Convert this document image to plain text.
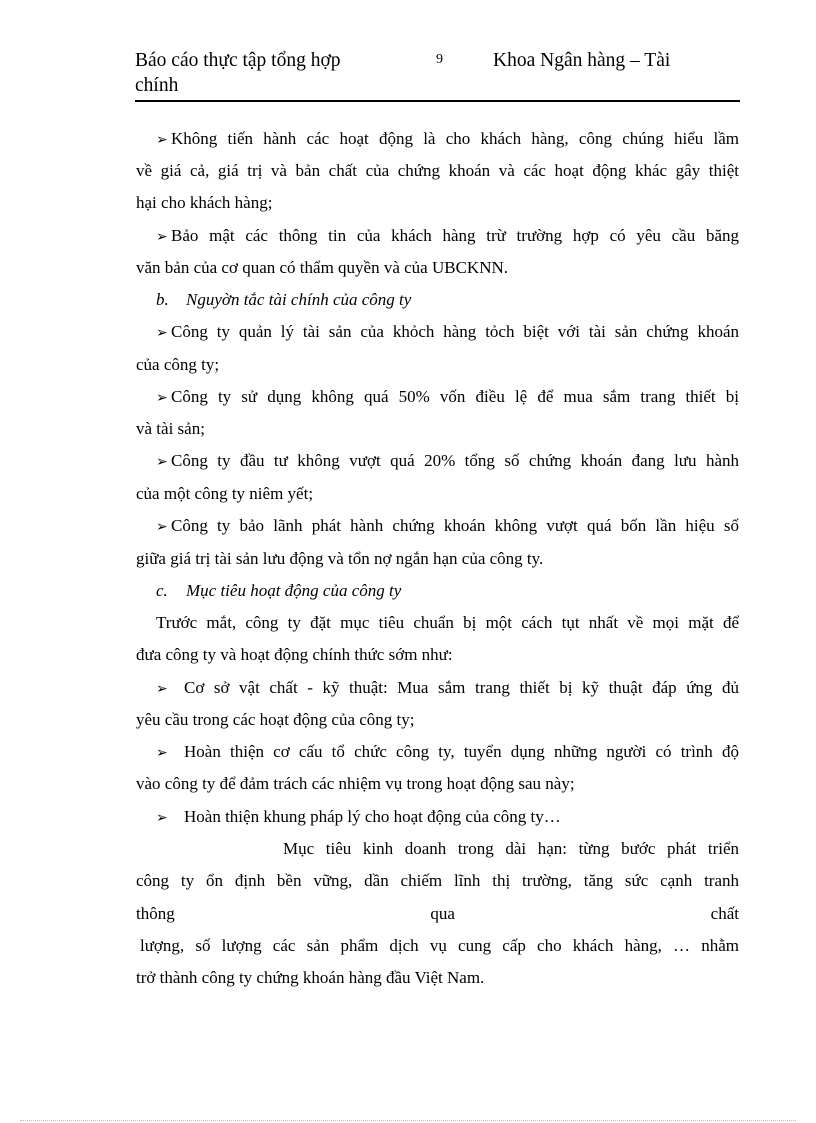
Báo cáo thực tập tổng hợp
chính
9	Khoa Ngân hàng – Tài
➢ Không tiến hành các hoạt động là cho khách hàng, công chúng hiểu lầm
về giá cả, giá trị và bản chất của chứng khoán và các hoạt động khác gây thiệt
hại cho khách hàng;
➢ Bảo mật các thông tin của khách hàng trừ trường hợp có yêu cầu băng
văn bản của cơ quan có thẩm quyền và của UBCKNN.
b. Nguyờn tắc tài chính của công ty
➢ Công ty quản lý tài sản của khỏch hàng tỏch biệt với tài sản chứng khoán
của công ty;
➢ Công ty sử dụng không quá 50% vốn điều lệ để mua sắm trang thiết bị
và tài sản;
➢ Công ty đầu tư không vượt quá 20% tổng số chứng khoán đang lưu hành
của một công ty niêm yết;
➢ Công ty bảo lãnh phát hành chứng khoán không vượt quá bốn lần hiệu số
giữa giá trị tài sản lưu động và tổn nợ ngắn hạn của công ty.
c. Mục tiêu hoạt động của công ty
Trước mắt, công ty đặt mục tiêu chuẩn bị một cách tụt nhất về mọi mặt để
đưa công ty và hoạt động chính thức sớm như:
➢ Cơ sở vật chất - kỹ thuật: Mua sắm trang thiết bị kỹ thuật đáp ứng đủ
yêu cầu trong các hoạt động của công ty;
➢ Hoàn thiện cơ cấu tổ chức công ty, tuyển dụng những người có trình độ
vào công ty để đảm trách các nhiệm vụ trong hoạt động sau này;
➢ Hoàn thiện khung pháp lý cho hoạt động của công ty…
Mục tiêu kinh doanh trong dài hạn: từng bước phát triển
công ty ổn định bền vững, dần chiếm lĩnh thị trường, tăng sức cạnh tranh
thông qua chất
lượng, số lượng các sản phẩm dịch vụ cung cấp cho khách hàng, … nhằm
trở thành công ty chứng khoán hàng đầu Việt Nam.
